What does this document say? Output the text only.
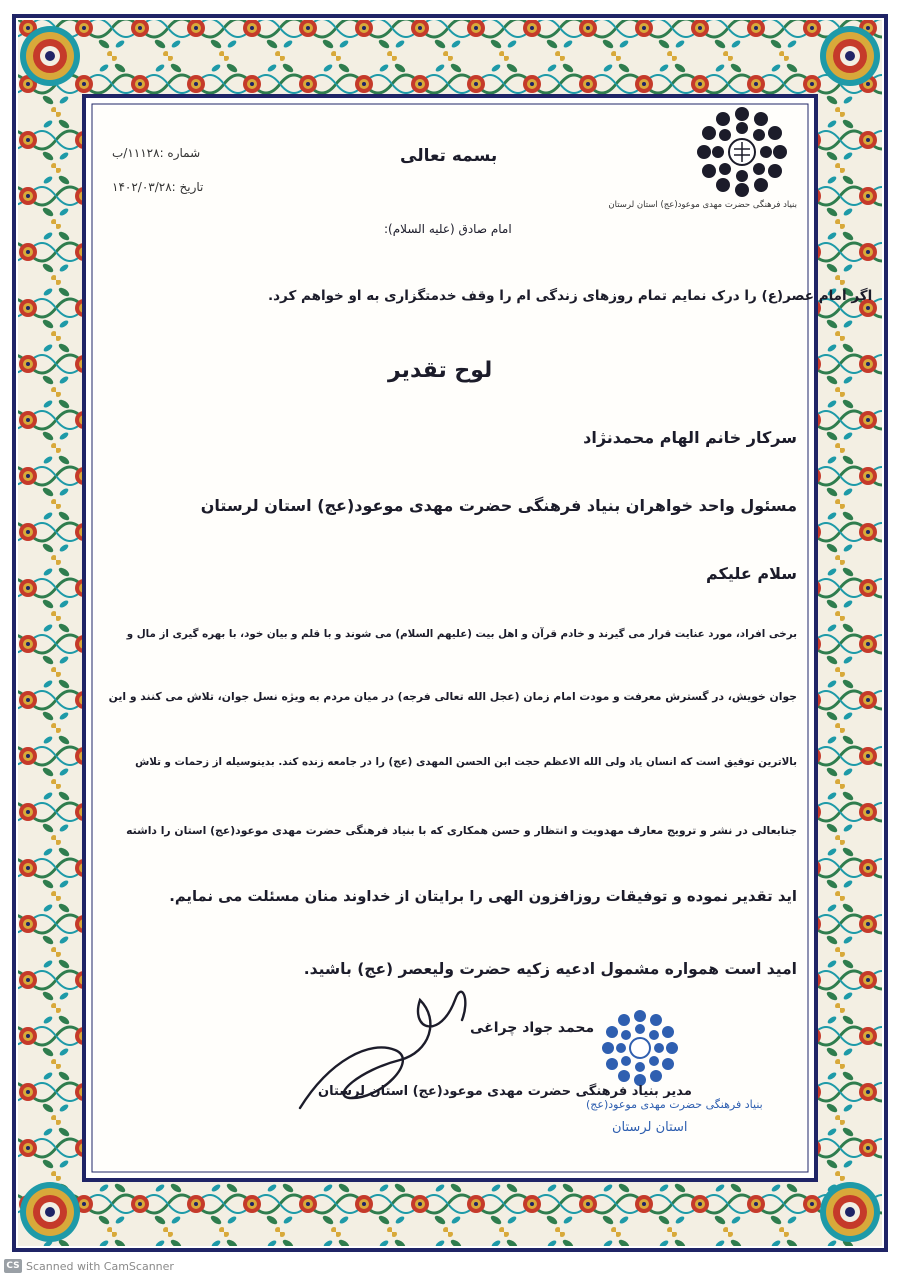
شماره :۱۱۱۲۸/ب
تاریخ :۱۴۰۲/۰۳/۲۸
بسمه تعالی
بنیاد فرهنگی حضرت مهدی موعود(عج) استان لرستان
امام صادق (علیه السلام):
اگر امام عصر(ع) را درک نمایم تمام روزهای زندگی ام را وقف خدمتگزاری به او خواهم کرد.
لوح تقدیر
سرکار خانم الهام محمدنژاد
مسئول واحد خواهران بنیاد فرهنگی حضرت مهدی موعود(عج) استان لرستان
سلام علیکم
برخی افراد، مورد عنایت قرار می گیرند و خادم قرآن و اهل بیت (علیهم السلام) می شوند و با قلم و بیان خود، با بهره گیری از مال و
جوان خویش، در گسترش معرفت و مودت امام زمان (عجل الله تعالی فرجه) در میان مردم به ویژه نسل جوان، تلاش می کنند و این
بالاترین توفیق است که انسان یاد ولی الله الاعظم حجت ابن الحسن المهدی (عج) را در جامعه زنده کند. بدینوسیله از زحمات و تلاش
جنابعالی در نشر و ترویج معارف مهدویت و انتظار و حسن همکاری که با بنیاد فرهنگی حضرت مهدی موعود(عج) استان را داشته
اید تقدیر نموده و توفیقات روزافزون الهی را برایتان از خداوند منان مسئلت می نمایم.
امید است همواره مشمول ادعیه زکیه حضرت ولیعصر (عج) باشید.
محمد جواد چراغی
مدیر بنیاد فرهنگی حضرت مهدی موعود(عج) استان لرستان
بنیاد فرهنگی حضرت مهدی موعود(عج)
استان لرستان
CS Scanned with CamScanner
